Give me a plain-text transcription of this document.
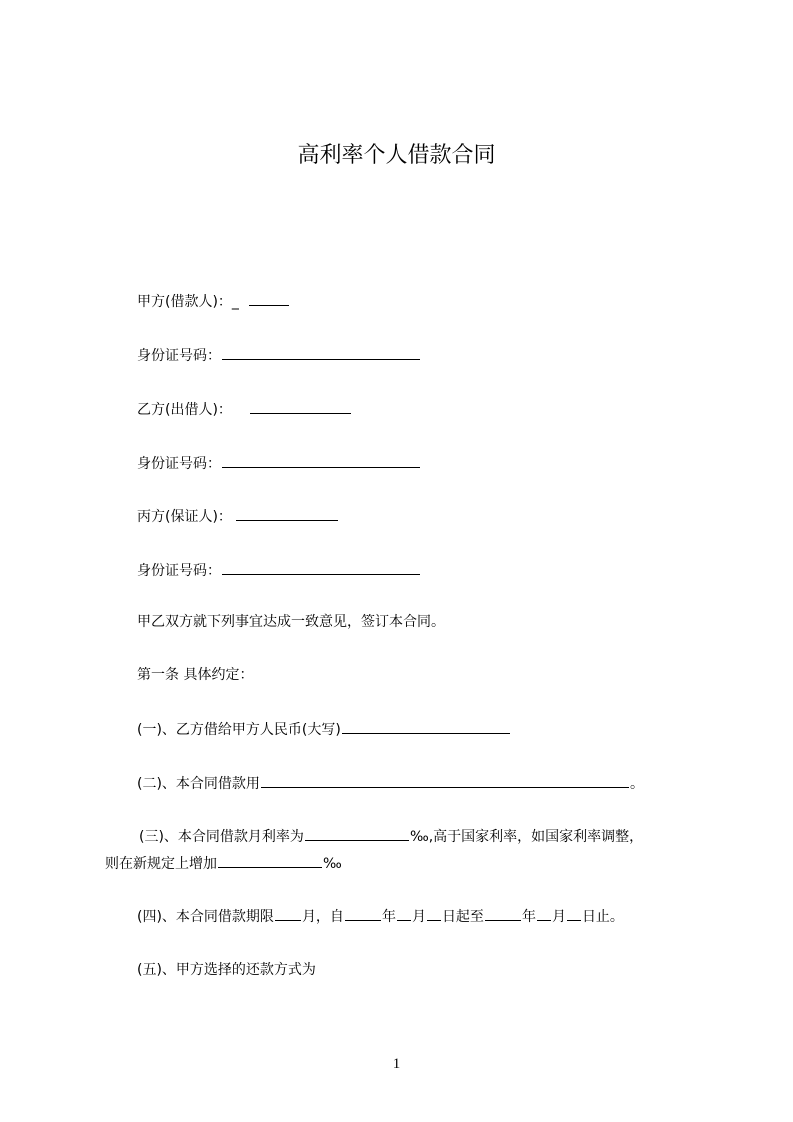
高利率个人借款合同
甲方(借款人)：_
身份证号码：
乙方(出借人)：
身份证号码：
丙方(保证人)：
身份证号码：
甲乙双方就下列事宜达成一致意见，签订本合同。
第一条 具体约定：
(一)、乙方借给甲方人民币(大写)
(二)、本合同借款用	。
(三)、本合同借款月利率为	‰,高于国家利率，如国家利率调整，
则在新规定上增加	‰
(四)、本合同借款期限 月，自	年 月 日起至	年 月 日止。
(五)、甲方选择的还款方式为
1
